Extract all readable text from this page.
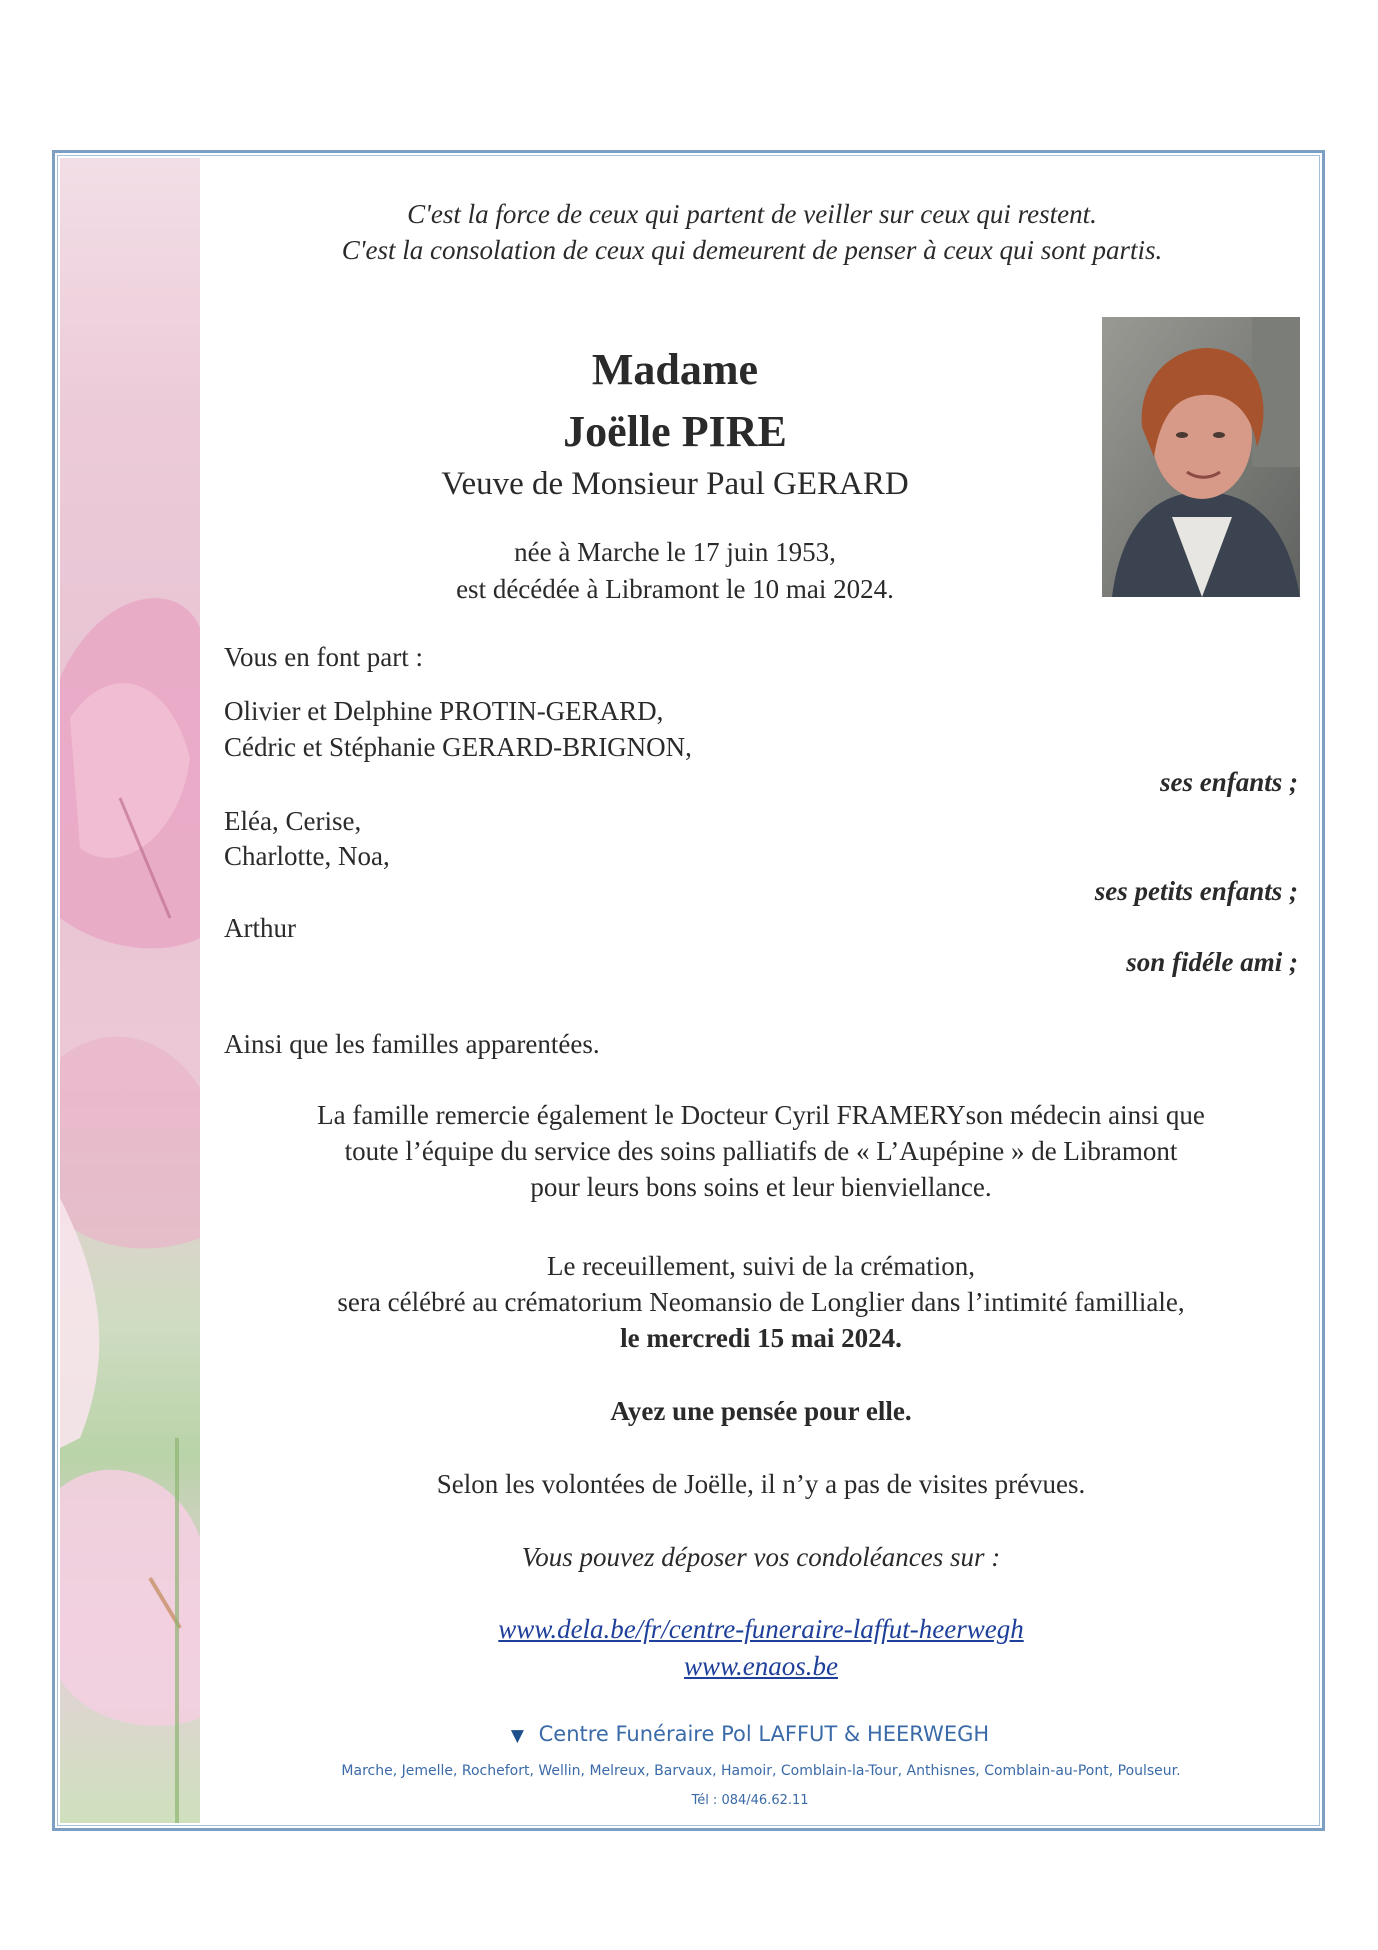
C'est la force de ceux qui partent de veiller sur ceux qui restent.
C'est la consolation de ceux qui demeurent de penser à ceux qui sont partis.
Madame
Joëlle PIRE
Veuve de Monsieur Paul GERARD
née à Marche le 17 juin 1953,
est décédée à Libramont le 10 mai 2024.
Vous en font part :
Olivier et Delphine PROTIN-GERARD,
Cédric et Stéphanie GERARD-BRIGNON,
ses enfants ;
Eléa, Cerise,
Charlotte, Noa,
ses petits enfants ;
Arthur
son fidéle ami ;
Ainsi que les familles apparentées.
La famille remercie également le Docteur Cyril FRAMERYson médecin ainsi que
toute l’équipe du service des soins palliatifs de « L’Aupépine » de Libramont
pour leurs bons soins et leur bienviellance.
Le receuillement, suivi de la crémation,
sera célébré au crématorium Neomansio de Longlier dans l’intimité familliale,
le mercredi 15 mai 2024.
Ayez une pensée pour elle.
Selon les volontées de Joëlle, il n’y a pas de visites prévues.
Vous pouvez déposer vos condoléances sur :
www.dela.be/fr/centre-funeraire-laffut-heerwegh
www.enaos.be
▼ Centre Funéraire Pol LAFFUT & HEERWEGH
Marche, Jemelle, Rochefort, Wellin, Melreux, Barvaux, Hamoir, Comblain-la-Tour, Anthisnes, Comblain-au-Pont, Poulseur.
Tél : 084/46.62.11
